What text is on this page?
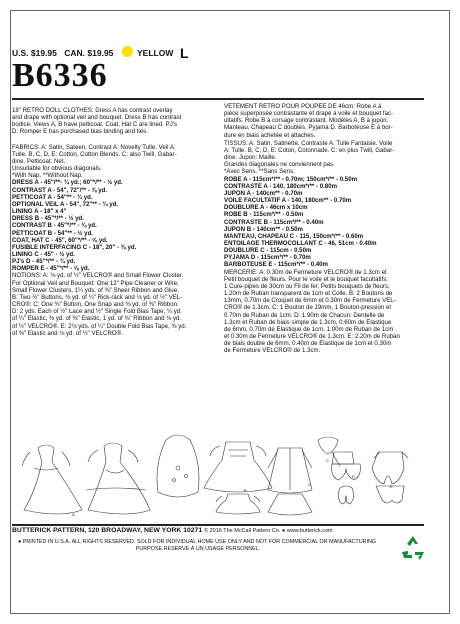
U.S. $19.95 CAN. $19.95	YELLOW L
B6336

18" RETRO DOLL CLOTHES: Dress A has contrast overlay
and drape with optional veil and bouquet. Dress B has contrast
bodice. Views A, B have petticoat. Coat, Hat C are lined. PJ's
D. Romper E has purchased bias binding and ties.

FABRICS: A: Satin, Sateen. Contrast A: Novelty Tulle. Veil A:
Tulle. B, C, D, E: Cotton, Cotton Blends. C: also Twill, Gabar-
dine. Petticoat: Net.
Unsuitable for obvious diagonals.
*With Nap. **Without Nap.
DRESS A - 45"/**- ¾ yd.; 60"*/** - ½ yd.
CONTRAST A - 54", 72"/** - ⅞ yd.
PETTICOAT A - 54"** - ¾ yd.
OPTIONAL VEIL A - 54", 72"** - ¾ yd.
LINING A - 18" x 4"
DRESS B - 45"*/** - ½ yd.
CONTRAST B - 45"*/** - ⅜ yd.
PETTICOAT B - 54"** - ½ yd.
COAT, HAT C - 45", 60"*/** - ⅝ yd.
FUSIBLE INTERFACING C - 18", 20" - ⅜ yd.
LINING C - 45" - ½ yd.
PJ's D - 45"*/** - ¾ yd.
ROMPER E - 45"*/** - ⅝ yd.
NOTIONS: A: ⅛ yd. of ½" VELCRO® and Small Flower Cluster.
For Optional Veil and Bouquet: One 12" Pipe Cleaner or Wire,
Small Flower Clusters, 1¼ yds. of ⅜" Sheer Ribbon and Glue.
B: Two ½" Buttons, ⅜ yd. of ¼" Rick-rack and ⅛ yd. of ½" VEL-
CRO®. C: One ⅜" Button, One Snap and ⅜ yd. of ⅜" Ribbon.
D: 2 yds. Each of ½" Lace and ½" Single Fold Bias Tape, ¼ yd.
of ¼" Elastic, ⅜ yd. of ⅜" Elastic, 1 yd. of ⅜" Ribbon and ⅛ yd.
of ½" VELCRO®. E: 2⅛ yds. of ¼" Double Fold Bias Tape, ⅜ yd.
of ⅜" Elastic and ⅛ yd. of ½" VELCRO®.
VÊTEMENT RÉTRO POUR POUPÉE DE 46cm: Robe A à
pièce superposée contrastante et drapé à voile et bouquet fac-
ultatifs. Robe B à corsage contrastant. Modèles A, B à jupon.
Manteau, Chapeau C doublés. Pyjama D. Barboteuse E à bor-
dure en biais achetée et attaches.
TISSUS: A: Satin, Satinette. Contraste A: Tulle Fantaisie. Voile
A: Tulle. B, C, D, E: Coton, Cotonnade. C: en plus Twill, Gabar-
dine. Jupon: Maille.
Grandes diagonales ne conviennent pas.
*Avec Sens. **Sans Sens.
ROBE A - 115cm*/** - 0.70m; 150cm*/** - 0.50m
CONTRASTE A - 140, 180cm*/** - 0.80m
JUPON A - 140cm** - 0.70m
VOILE FACULTATIF A - 140, 180cm** - 0.70m
DOUBLURE A - 46cm x 10cm
ROBE B - 115cm*/** - 0.50m
CONTRASTE B - 115cm*/** - 0.40m
JUPON B - 140cm** - 0.50m
MANTEAU, CHAPEAU C - 115, 150cm*/** - 0.60m
ENTOILAGE THERMOCOLLANT C - 46, 51cm - 0.40m
DOUBLURE C - 115cm - 0.50m
PYJAMA D - 115cm*/** - 0.70m
BARBOTEUSE E - 115cm*/** - 0.40m
MERCERIE: A: 0.30m de Fermeture VELCRO® de 1.3cm et
Petit bouquet de fleurs. Pour le voile et le bouquet facultatifs:
1 Cure-pipes de 30cm ou Fil de fer, Petits bouquets de fleurs,
1.20m de Ruban transparent de 1cm et Colle. B: 2 Boutons de
13mm, 0.70m de Croquet de 6mm et 0.30m de Fermeture VEL-
CRO® de 1.3cm. C: 1 Bouton de 19mm, 1 Bouton-pression et
0.70m de Ruban de 1cm. D: 1.90m de Chacun: Dentelle de
1.3cm et Ruban de biais simple de 1.3cm, 0.60m de Élastique
de 6mm, 0.70m de Élastique de 1cm, 1.00m de Ruban de 1cm
et 0.30m de Fermeture VELCRO® de 1.3cm. E: 2.20m de Ruban
de biais double de 6mm, 0.40m de Élastique de 1cm et 0.30m
de Fermeture VELCRO® de 1.3cm.
A
B
C
C
D
E
BUTTERICK PATTERN, 120 BROADWAY, NEW YORK 10271 © 2016 The McCall Pattern Co. ● www.butterick.com
● PRINTED IN U.S.A. ALL RIGHTS RESERVED. SOLD FOR INDIVIDUAL HOME USE ONLY AND NOT FOR COMMERCIAL OR MANUFACTURING
PURPOSE.RESERVE À UN USAGE PERSONNEL.
